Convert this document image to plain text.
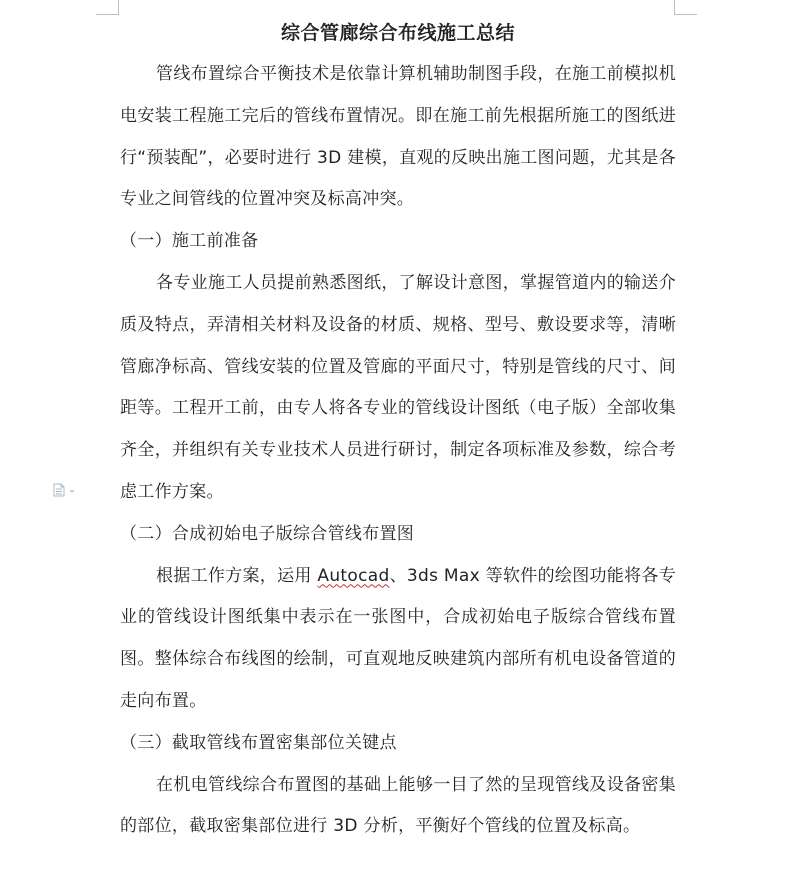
综合管廊综合布线施工总结

管线布置综合平衡技术是依靠计算机辅助制图手段，在施工前模拟机电安装工程施工完后的管线布置情况。即在施工前先根据所施工的图纸进行“预装配”，必要时进行 3D 建模，直观的反映出施工图问题，尤其是各专业之间管线的位置冲突及标高冲突。

（一）施工前准备

各专业施工人员提前熟悉图纸，了解设计意图，掌握管道内的输送介质及特点，弄清相关材料及设备的材质、规格、型号、敷设要求等，清晰管廊净标高、管线安装的位置及管廊的平面尺寸，特别是管线的尺寸、间距等。工程开工前，由专人将各专业的管线设计图纸（电子版）全部收集齐全，并组织有关专业技术人员进行研讨，制定各项标准及参数，综合考虑工作方案。

（二）合成初始电子版综合管线布置图

根据工作方案，运用 Autocad、3ds Max 等软件的绘图功能将各专业的管线设计图纸集中表示在一张图中，合成初始电子版综合管线布置图。整体综合布线图的绘制，可直观地反映建筑内部所有机电设备管道的走向布置。

（三）截取管线布置密集部位关键点

在机电管线综合布置图的基础上能够一目了然的呈现管线及设备密集的部位，截取密集部位进行 3D 分析，平衡好个管线的位置及标高。
